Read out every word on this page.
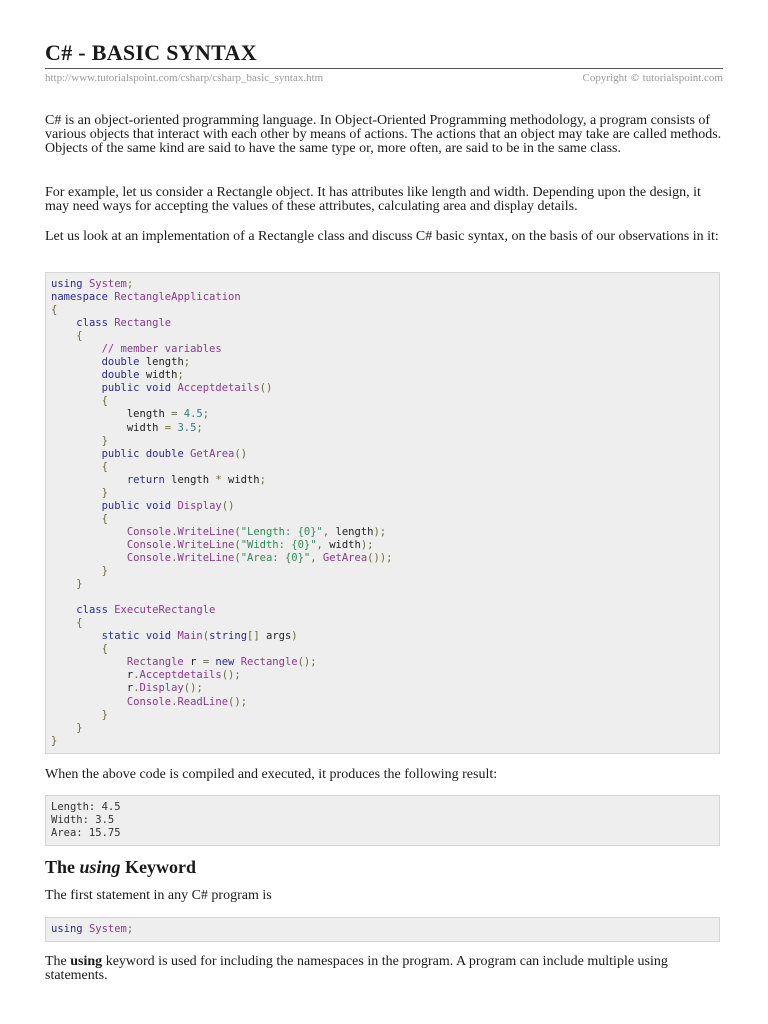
C# - BASIC SYNTAX
http://www.tutorialspoint.com/csharp/csharp_basic_syntax.htm	Copyright © tutorialspoint.com

C# is an object-oriented programming language. In Object-Oriented Programming methodology, a program consists of various objects that interact with each other by means of actions. The actions that an object may take are called methods. Objects of the same kind are said to have the same type or, more often, are said to be in the same class.

For example, let us consider a Rectangle object. It has attributes like length and width. Depending upon the design, it may need ways for accepting the values of these attributes, calculating area and display details.

Let us look at an implementation of a Rectangle class and discuss C# basic syntax, on the basis of our observations in it:

using System;
namespace RectangleApplication
{
class Rectangle
{
// member variables
double length;
double width;
public void Acceptdetails()
{
length = 4.5;
width = 3.5;
}
public double GetArea()
{
return length * width;
}
public void Display()
{
Console.WriteLine("Length: {0}", length);
Console.WriteLine("Width: {0}", width);
Console.WriteLine("Area: {0}", GetArea());
}
}

class ExecuteRectangle
{
static void Main(string[] args)
{
Rectangle r = new Rectangle();
r.Acceptdetails();
r.Display();
Console.ReadLine();
}
}
}

When the above code is compiled and executed, it produces the following result:

Length: 4.5
Width: 3.5
Area: 15.75
The using Keyword

The first statement in any C# program is

using System;

The using keyword is used for including the namespaces in the program. A program can include multiple using statements.
